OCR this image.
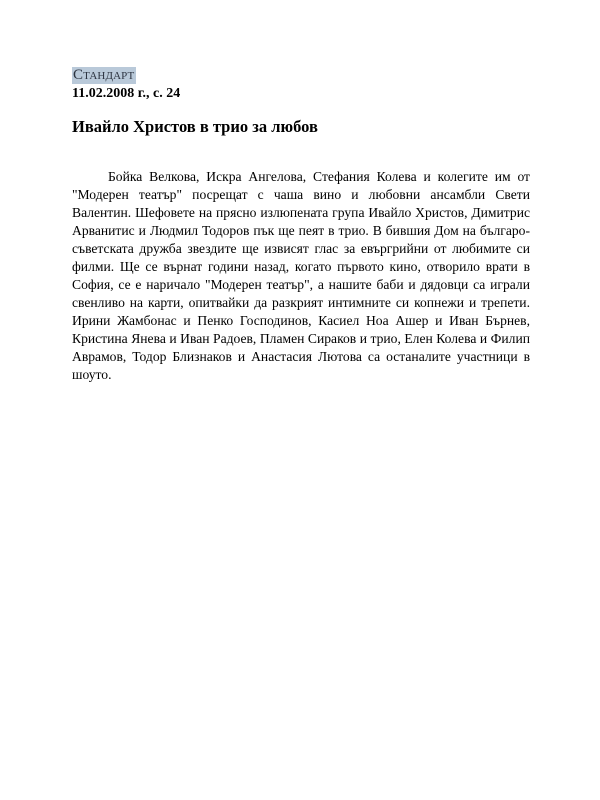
Стандарт
11.02.2008 г., с. 24
Ивайло Христов в трио за любов

Бойка Велкова, Искра Ангелова, Стефания Колева и колегите им от "Модерен театър" посрещат с чаша вино и любовни ансамбли Свети Валентин. Шефовете на прясно излюпената група Ивайло Христов, Димитрис Арванитис и Людмил Тодоров пък ще пеят в трио. В бившия Дом на българо-съветската дружба звездите ще извисят глас за евъргрийни от любимите си филми. Ще се върнат години назад, когато първото кино, отворило врати в София, се е наричало "Модерен театър", а нашите баби и дядовци са играли свенливо на карти, опитвайки да разкрият интимните си копнежи и трепети. Ирини Жамбонас и Пенко Господинов, Касиел Ноа Ашер и Иван Бърнев, Кристина Янева и Иван Радоев, Пламен Сираков и трио, Елен Колева и Филип Аврамов, Тодор Близнаков и Анастасия Лютова са останалите участници в шоуто.
